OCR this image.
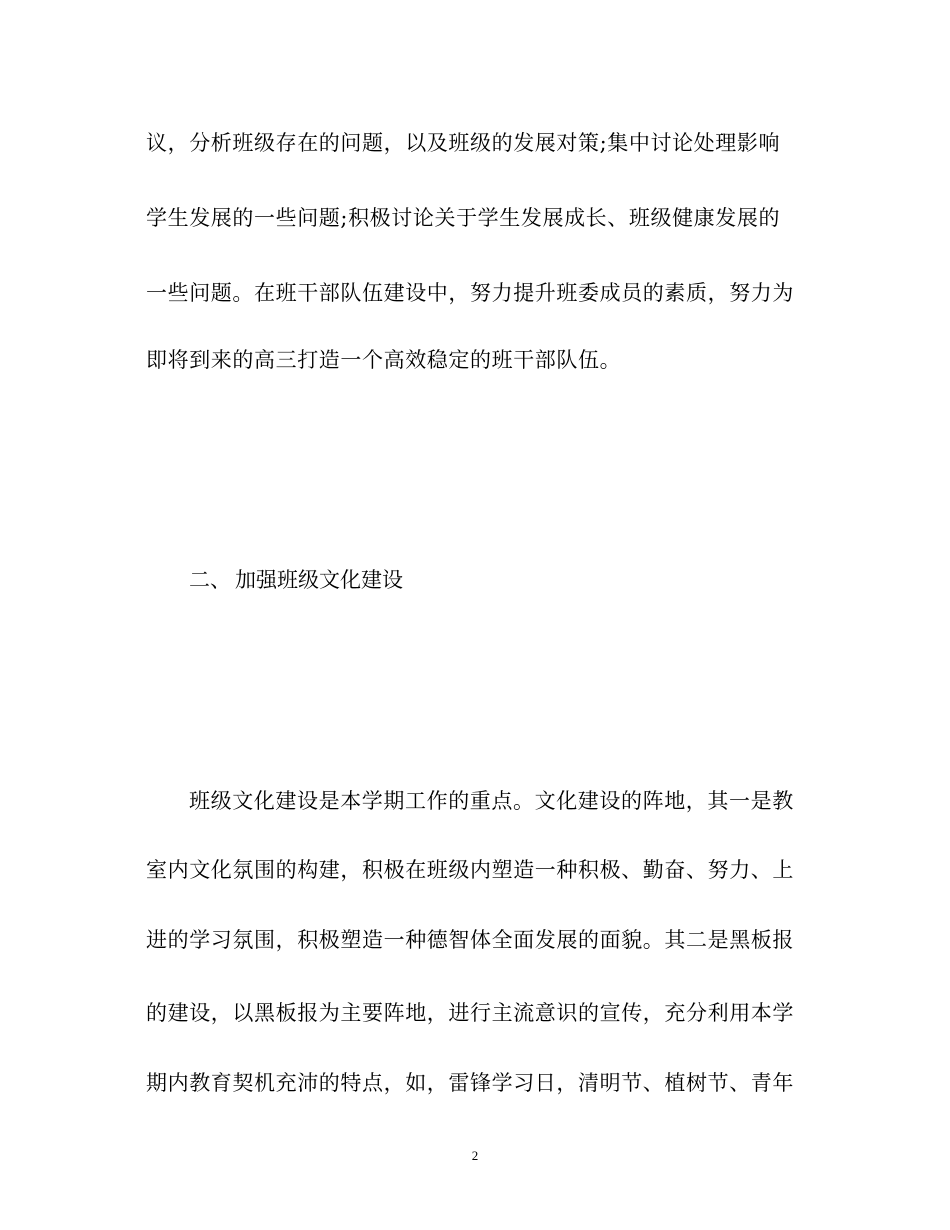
议，分析班级存在的问题，以及班级的发展对策;集中讨论处理影响
学生发展的一些问题;积极讨论关于学生发展成长、班级健康发展的
一些问题。在班干部队伍建设中，努力提升班委成员的素质，努力为
即将到来的高三打造一个高效稳定的班干部队伍。
二、 加强班级文化建设
班级文化建设是本学期工作的重点。文化建设的阵地，其一是教
室内文化氛围的构建，积极在班级内塑造一种积极、勤奋、努力、上
进的学习氛围，积极塑造一种德智体全面发展的面貌。其二是黑板报
的建设，以黑板报为主要阵地，进行主流意识的宣传，充分利用本学
期内教育契机充沛的特点，如，雷锋学习日，清明节、植树节、青年
2
